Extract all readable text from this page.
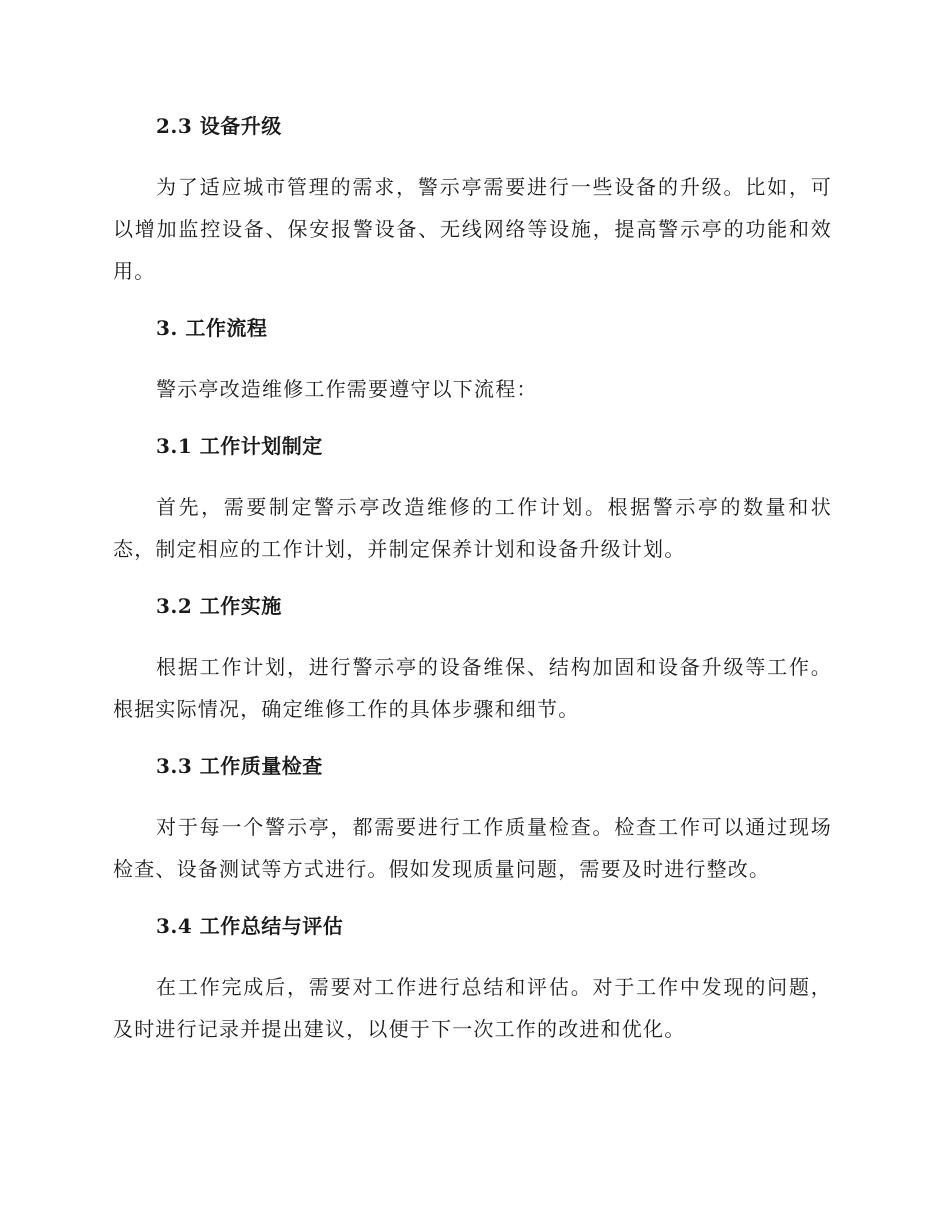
2.3 设备升级

为了适应城市管理的需求，警示亭需要进行一些设备的升级。比如，可以增加监控设备、保安报警设备、无线网络等设施，提高警示亭的功能和效用。

3. 工作流程

警示亭改造维修工作需要遵守以下流程：

3.1 工作计划制定

首先，需要制定警示亭改造维修的工作计划。根据警示亭的数量和状态，制定相应的工作计划，并制定保养计划和设备升级计划。

3.2 工作实施

根据工作计划，进行警示亭的设备维保、结构加固和设备升级等工作。根据实际情况，确定维修工作的具体步骤和细节。

3.3 工作质量检查

对于每一个警示亭，都需要进行工作质量检查。检查工作可以通过现场检查、设备测试等方式进行。假如发现质量问题，需要及时进行整改。

3.4 工作总结与评估

在工作完成后，需要对工作进行总结和评估。对于工作中发现的问题，及时进行记录并提出建议，以便于下一次工作的改进和优化。
